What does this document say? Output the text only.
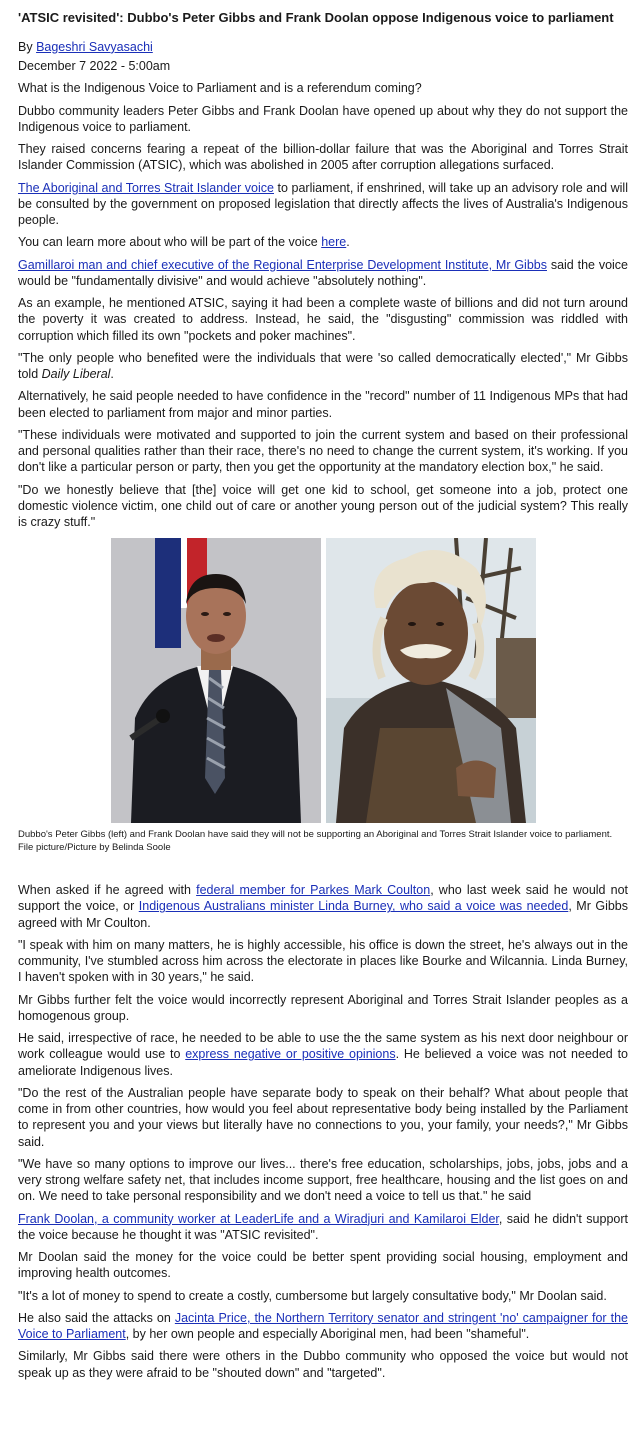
'ATSIC revisited': Dubbo's Peter Gibbs and Frank Doolan oppose Indigenous voice to parliament
By Bageshri Savyasachi
December 7 2022 - 5:00am

What is the Indigenous Voice to Parliament and is a referendum coming?

Dubbo community leaders Peter Gibbs and Frank Doolan have opened up about why they do not support the Indigenous voice to parliament.

They raised concerns fearing a repeat of the billion-dollar failure that was the Aboriginal and Torres Strait Islander Commission (ATSIC), which was abolished in 2005 after corruption allegations surfaced.

The Aboriginal and Torres Strait Islander voice to parliament, if enshrined, will take up an advisory role and will be consulted by the government on proposed legislation that directly affects the lives of Australia's Indigenous people.

You can learn more about who will be part of the voice here.

Gamillaroi man and chief executive of the Regional Enterprise Development Institute, Mr Gibbs said the voice would be "fundamentally divisive" and would achieve "absolutely nothing".

As an example, he mentioned ATSIC, saying it had been a complete waste of billions and did not turn around the poverty it was created to address. Instead, he said, the "disgusting" commission was riddled with corruption which filled its own "pockets and poker machines".

"The only people who benefited were the individuals that were 'so called democratically elected'," Mr Gibbs told Daily Liberal.

Alternatively, he said people needed to have confidence in the "record" number of 11 Indigenous MPs that had been elected to parliament from major and minor parties.

"These individuals were motivated and supported to join the current system and based on their professional and personal qualities rather than their race, there's no need to change the current system, it's working. If you don't like a particular person or party, then you get the opportunity at the mandatory election box," he said.

"Do we honestly believe that [the] voice will get one kid to school, get someone into a job, protect one domestic violence victim, one child out of care or another young person out of the judicial system? This really is crazy stuff."

Dubbo's Peter Gibbs (left) and Frank Doolan have said they will not be supporting an Aboriginal and Torres Strait Islander voice to parliament. File picture/Picture by Belinda Soole

When asked if he agreed with federal member for Parkes Mark Coulton, who last week said he would not support the voice, or Indigenous Australians minister Linda Burney, who said a voice was needed, Mr Gibbs agreed with Mr Coulton.

"I speak with him on many matters, he is highly accessible, his office is down the street, he's always out in the community, I've stumbled across him across the electorate in places like Bourke and Wilcannia. Linda Burney, I haven't spoken with in 30 years," he said.

Mr Gibbs further felt the voice would incorrectly represent Aboriginal and Torres Strait Islander peoples as a homogenous group.

He said, irrespective of race, he needed to be able to use the the same system as his next door neighbour or work colleague would use to express negative or positive opinions. He believed a voice was not needed to ameliorate Indigenous lives.

"Do the rest of the Australian people have separate body to speak on their behalf? What about people that come in from other countries, how would you feel about representative body being installed by the Parliament to represent you and your views but literally have no connections to you, your family, your needs?," Mr Gibbs said.

"We have so many options to improve our lives... there's free education, scholarships, jobs, jobs, jobs and a very strong welfare safety net, that includes income support, free healthcare, housing and the list goes on and on. We need to take personal responsibility and we don't need a voice to tell us that." he said

Frank Doolan, a community worker at LeaderLife and a Wiradjuri and Kamilaroi Elder, said he didn't support the voice because he thought it was "ATSIC revisited".

Mr Doolan said the money for the voice could be better spent providing social housing, employment and improving health outcomes.

"It's a lot of money to spend to create a costly, cumbersome but largely consultative body," Mr Doolan said.

He also said the attacks on Jacinta Price, the Northern Territory senator and stringent 'no' campaigner for the Voice to Parliament, by her own people and especially Aboriginal men, had been "shameful".

Similarly, Mr Gibbs said there were others in the Dubbo community who opposed the voice but would not speak up as they were afraid to be "shouted down" and "targeted".
